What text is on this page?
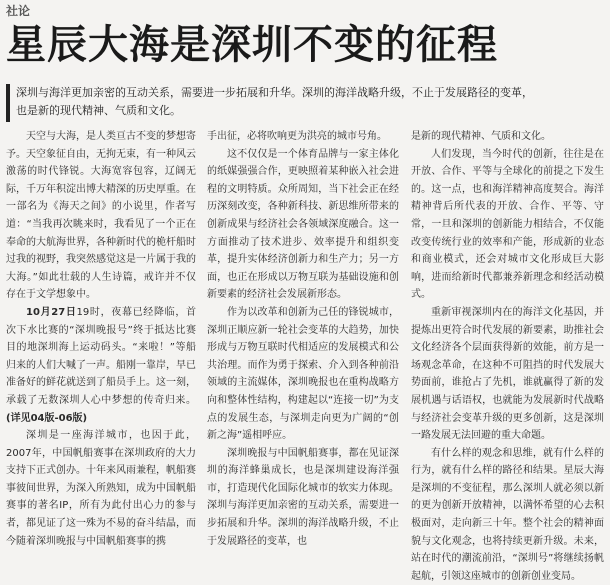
社论
星辰大海是深圳不变的征程

深圳与海洋更加亲密的互动关系，需要进一步拓展和升华。深圳的海洋战略升级，不止于发展路径的变革，

也是新的现代精神、气质和文化。

天空与大海，是人类亘古不变的梦想寄予。天空象征自由，无拘无束，有一种风云激荡的时代锋锐。大海宽容包容，辽阔无际，千万年积淀出博大精深的历史厚重。在一部名为《海天之间》的小说里，作者写道：“当我再次眺来时，我看见了一个正在奉命的大航海世界，各种新时代的桅杆船时过我的视野，我突然感觉这是一片属于我的大海。”如此壮载的人生诗篇，戒许并不仅存在于文学想象中。

10月27日19时，夜幕已经降临，首次下水比赛的“深圳晚报号”终于抵达比赛目的地深圳海上运动码头。“来啦！”等船归来的人们大喊了一声。船刚一靠岸，早已准备好的鲜花就送到了船员手上。这一刻，承载了无数深圳人心中梦想的传奇归来。(详见04版-06版)

深圳是一座海洋城市，也因于此，2007年，中国帆船赛事在深圳政府的大力支持下正式创办。十年来风雨兼程，帆船赛事彼间世界，为深入所熟知，成为中国帆船赛事的著名IP，所有为此付出心力的参与者，都见证了这一殊为不易的奋斗结晶，而今随着深圳晚报与中国帆船赛事的携

手出征，必将吹响更为洪亮的城市号角。

这不仅仅是一个体育品牌与一家主体化的纸媒强强合作，更映照着某种嵌入社会进程的文明特质。众所周知，当下社会正在经历深刻改变，各种新科技、新思维所带来的创新成果与经济社会各领域深度融合。这一方面推动了技术进步、效率提升和组织变革，提升实体经济创新力和生产力；另一方面，也正在形成以万物互联为基础设施和创新要素的经济社会发展新形态。

作为以改革和创新为己任的锋锐城市，深圳正顺应新一轮社会变革的大趋势，加快形成与万物互联时代相适应的发展模式和公共治理。而作为勇于探索、介入到各种前沿领域的主流媒体，深圳晚报也在重构战略方向和整体性结构，构建起以“连接一切”为支点的发展生态，与深圳走向更为广阔的“创新之海”遥相呼应。

深圳晚报与中国帆船赛事，都在见证深圳的海洋蜂巢成长，也是深圳建设海洋强市，打造现代化国际化城市的软实力体现。深圳与海洋更加亲密的互动关系，需要进一步拓展和升华。深圳的海洋战略升级，不止于发展路径的变革，也

是新的现代精神、气质和文化。

人们发现，当今时代的创新，往往是在开放、合作、平等与全球化的前提之下发生的。这一点，也和海洋精神高度契合。海洋精神背后所代表的开放、合作、平等、守常，一旦和深圳的创新能力相结合，不仅能改变传统行业的效率和产能，形成新的业态和商业模式，还会对城市文化形成巨大影响，进而给新时代都兼养新理念和经活动模式。

重新审视深圳内在的海洋文化基因，并提炼出更符合时代发展的新要素，助推社会文化经济各个层面获得新的效能，前方是一场观念革命，在这种不可阻挡的时代发展大势面前，谁抢占了先机，谁就赢得了新的发展机遇与话语权，也就能为发展新时代战略与经济社会变革升级的更多创新，这是深圳一路发展无法回避的重大命题。

有什么样的观念和思维，就有什么样的行为，就有什么样的路径和结果。星辰大海是深圳的不变征程，那么深圳人就必须以新的更为创新开放精神，以满怀希望的心去积极面对，走向新三十年。整个社会的精神面貌与文化观念，也将持续更新升级。未来，站在时代的潮流前沿，“深圳号”将继续扬帆起航，引领这座城市的创新创业变局。
